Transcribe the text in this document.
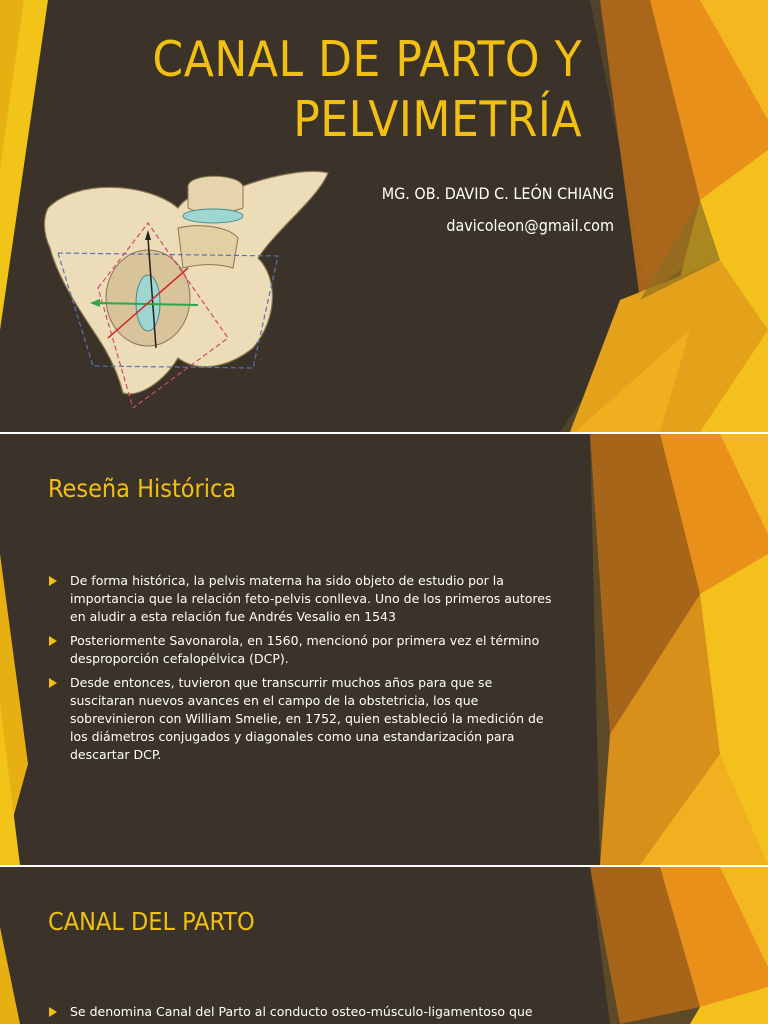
CANAL DE PARTO Y
PELVIMETRÍA
MG. OB. DAVID C. LEÓN CHIANG
davicoleon@gmail.com
Reseña Histórica
De forma histórica, la pelvis materna ha sido objeto de estudio por la importancia que la relación feto-pelvis conlleva. Uno de los primeros autores en aludir a esta relación fue Andrés Vesalio en 1543
Posteriormente Savonarola, en 1560, mencionó por primera vez el término desproporción cefalopélvica (DCP).
Desde entonces, tuvieron que transcurrir muchos años para que se suscitaran nuevos avances en el campo de la obstetricia, los que sobrevinieron con William Smelie, en 1752, quien estableció la medición de los diámetros conjugados y diagonales como una estandarización para descartar DCP.
CANAL DEL PARTO
Se denomina Canal del Parto al conducto osteo-músculo-ligamentoso que
